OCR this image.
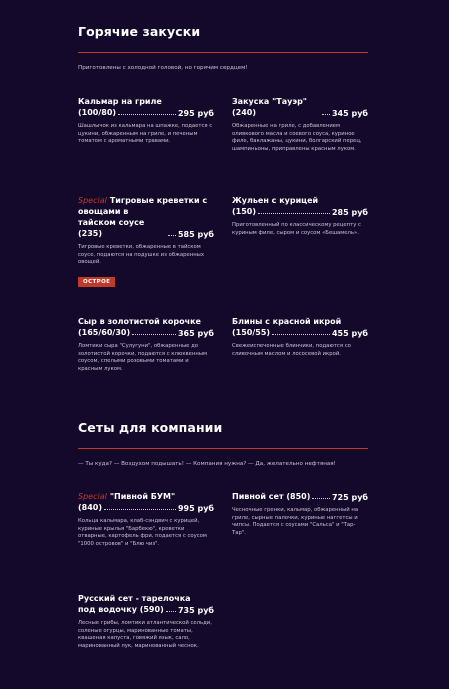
Горячие закуски
Приготовлены с холодной головой, но горячим сердцем!
Кальмар на гриле
(100/80)	295 руб
Шашлычок из кальмара на шпажке, подается с цукини, обжаренным на гриле, и печеным томатом с ароматными травами.
Закуска "Тауэр" (240)	345 руб
Обжаренные на гриле, с добавлением оливкового масла и соевого соуса, куриное филе, баклажаны, цукини, болгарский перец, шампиньоны, приправлены красным луком.
Special Тигровые креветки с овощами в
тайском соусе (235)	585 руб
Тигровые креветки, обжаренные в тайском соусе, подаются на подушке из обжаренных овощей.
ОСТРОЕ
Жульен с курицей
(150)	285 руб
Приготовленный по классическому рецепту с куриным филе, сыром и соусом «Бешамель».
Сыр в золотистой корочке
(165/60/30)	365 руб
Ломтики сыра "Сулугуни", обжаренные до золотистой корочки, подаются с клюквенным соусом, спелыми розовыми томатами и красным луком.
Блины с красной икрой
(150/55)	455 руб
Свежеиспеченные блинчики, подаются со сливочным маслом и лососевой икрой.
Сеты для компании
— Ты куда? — Воздухом подышать! — Компания нужна? — Да, желательно нефтяная!
Special "Пивной БУМ"
(840)	995 руб
Кольца кальмара, клаб-сэндвич с курицей, куриные крылья "Барбекю", креветки отварные, картофель фри, подается с соусом "1000 островов" и "Блю чиз".
Пивной сет (850)	725 руб
Чесночные гренки, кальмар, обжаренный на гриле, сырные палочки, куриные наггетсы и чипсы. Подается с соусами "Сальса" и "Тар-Тар".
Русский сет - тарелочка
под водочку (590) 735 руб
Лесные грибы, ломтики атлантической сельди, соленые огурцы, маринованные томаты, квашеная капуста, говяжий язык, сало, маринованный лук, маринованный чеснок.
